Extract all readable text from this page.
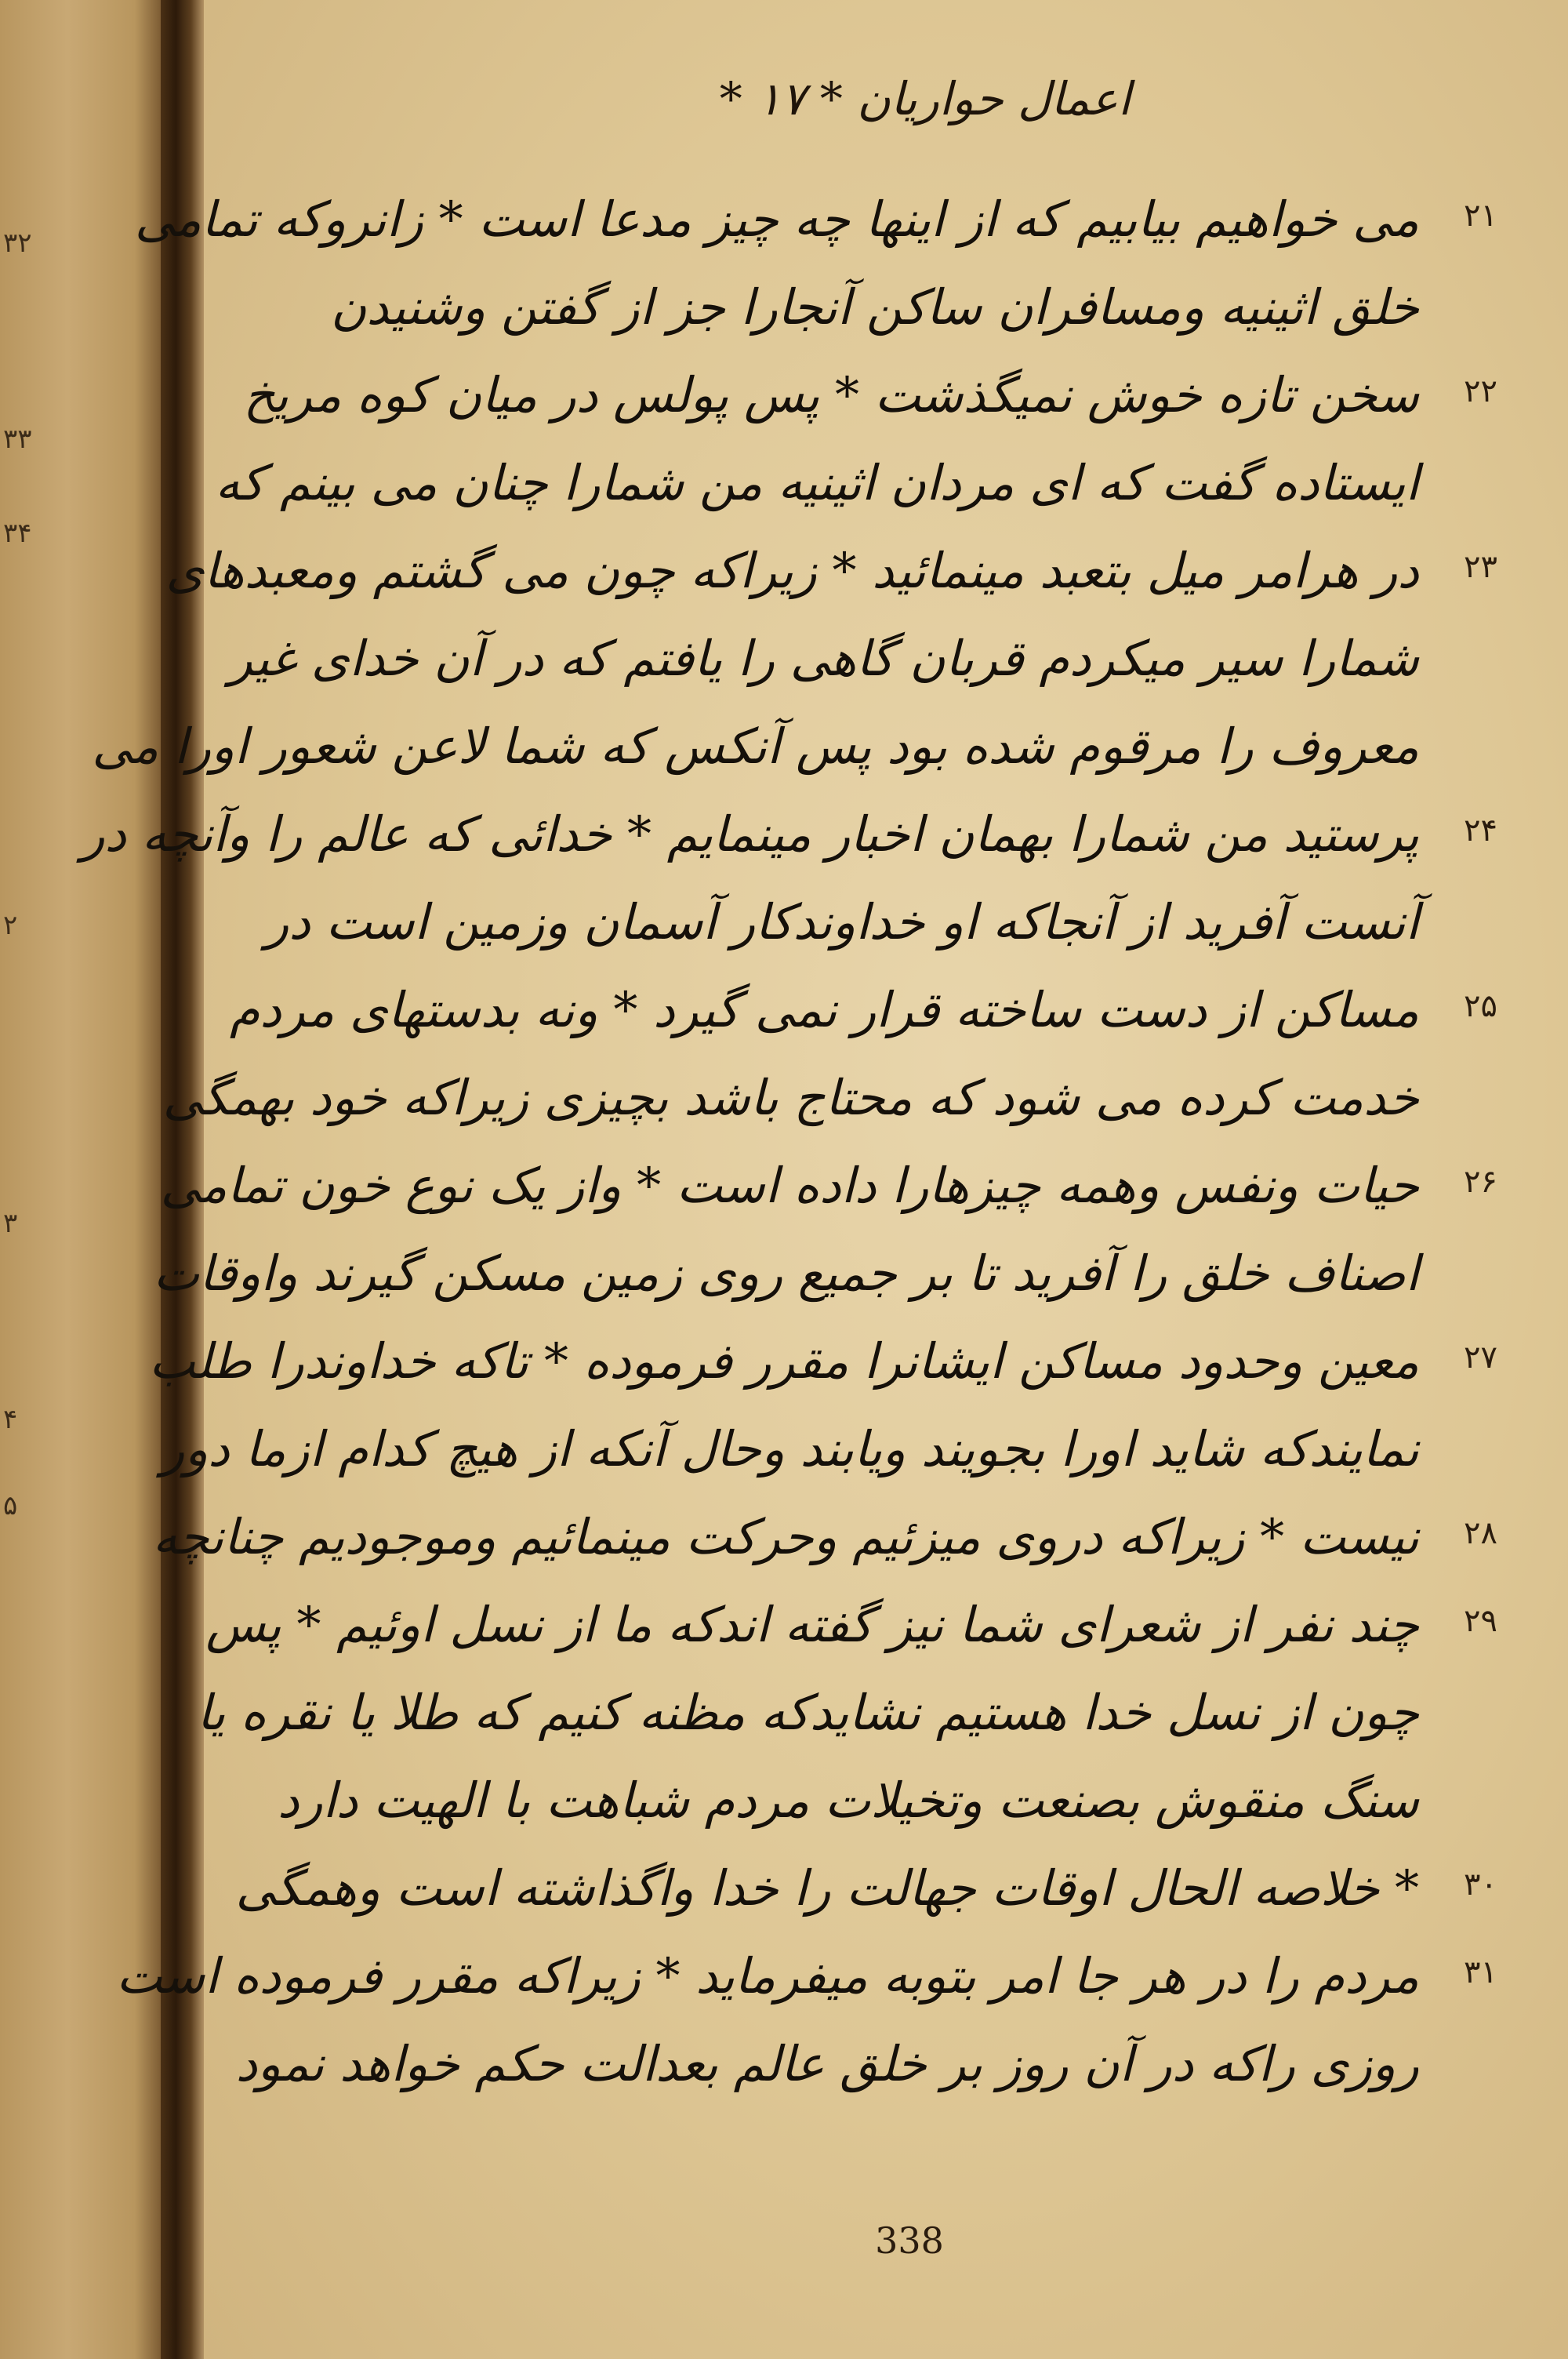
۳۲
۳۳
۳۴
۲
۳
۴
۵
اعمال حواریان * ۱۷ *
۲۱
می خواهیم بیابیم که از اینها چه چیز مدعا است * زانروکه تمامی
خلق اثینیه ومسافران ساکن آنجارا جز از گفتن وشنیدن
۲۲
سخن تازه خوش نمیگذشت * پس پولس در میان کوه مریخ
ایستاده گفت که ای مردان اثینیه من شمارا چنان می بینم که
۲۳
در هرامر میل بتعبد مینمائید * زیراکه چون می گشتم ومعبدهای
شمارا سیر میکردم قربان گاهی را یافتم که در آن خدای غیر
معروف را مرقوم شده بود پس آنکس که شما لاعن شعور اورا می
۲۴
پرستید من شمارا بهمان اخبار مینمایم * خدائی که عالم را وآنچه در
آنست آفرید از آنجاکه او خداوندکار آسمان وزمین است در
۲۵
مساکن از دست ساخته قرار نمی گیرد * ونه بدستهای مردم
خدمت کرده می شود که محتاج باشد بچیزی زیراکه خود بهمگی
۲۶
حیات ونفس وهمه چیزهارا داده است * واز یک نوع خون تمامی
اصناف خلق را آفرید تا بر جمیع روی زمین مسکن گیرند واوقات
۲۷
معین وحدود مساکن ایشانرا مقرر فرموده * تاکه خداوندرا طلب
نمایندکه شاید اورا بجویند ویابند وحال آنکه از هیچ کدام ازما دور
۲۸
نیست * زیراکه دروی میزئیم وحرکت مینمائیم وموجودیم چنانچه
۲۹
چند نفر از شعرای شما نیز گفته اندکه ما از نسل اوئیم * پس
چون از نسل خدا هستیم نشایدکه مظنه کنیم که طلا یا نقره یا
سنگ منقوش بصنعت وتخیلات مردم شباهت با الهیت دارد
۳۰
* خلاصه الحال اوقات جهالت را خدا واگذاشته است وهمگی
۳۱
مردم را در هر جا امر بتوبه میفرماید * زیراکه مقرر فرموده است
روزی راکه در آن روز بر خلق عالم بعدالت حکم خواهد نمود
338
